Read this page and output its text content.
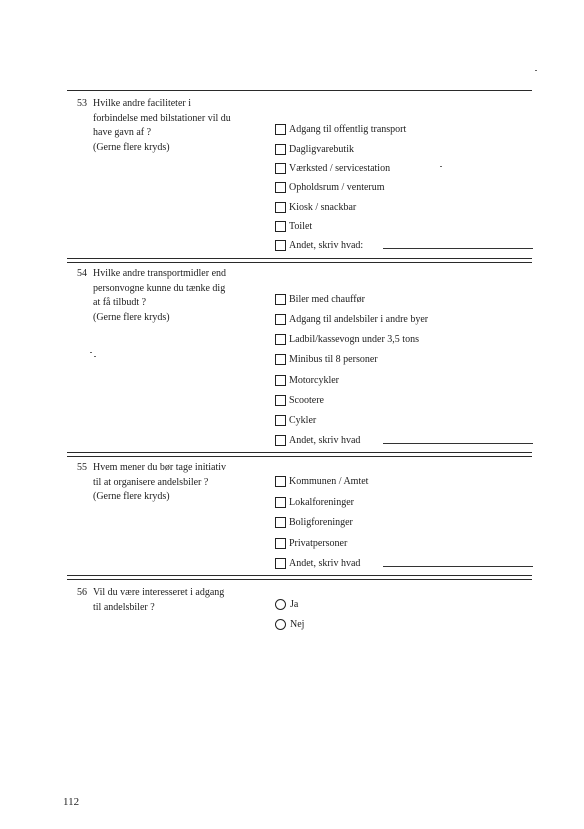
53 Hvilke andre faciliteter i
forbindelse med bilstationer vil du
have gavn af ?
(Gerne flere kryds)
Adgang til offentlig transport
Dagligvarebutik
Værksted / servicestation
Opholdsrum / venterum
Kiosk / snackbar
Toilet
Andet, skriv hvad:
54 Hvilke andre transportmidler end
personvogne kunne du tænke dig
at få tilbudt ?
(Gerne flere kryds)
Biler med chauffør
Adgang til andelsbiler i andre byer
Ladbil/kassevogn under 3,5 tons
Minibus til 8 personer
Motorcykler
Scootere
Cykler
Andet, skriv hvad
55 Hvem mener du bør tage initiativ
til at organisere andelsbiler ?
(Gerne flere kryds)
Kommunen / Amtet
Lokalforeninger
Boligforeninger
Privatpersoner
Andet, skriv hvad
56 Vil du være interesseret i adgang
til andelsbiler ?	Ja
Nej
112
